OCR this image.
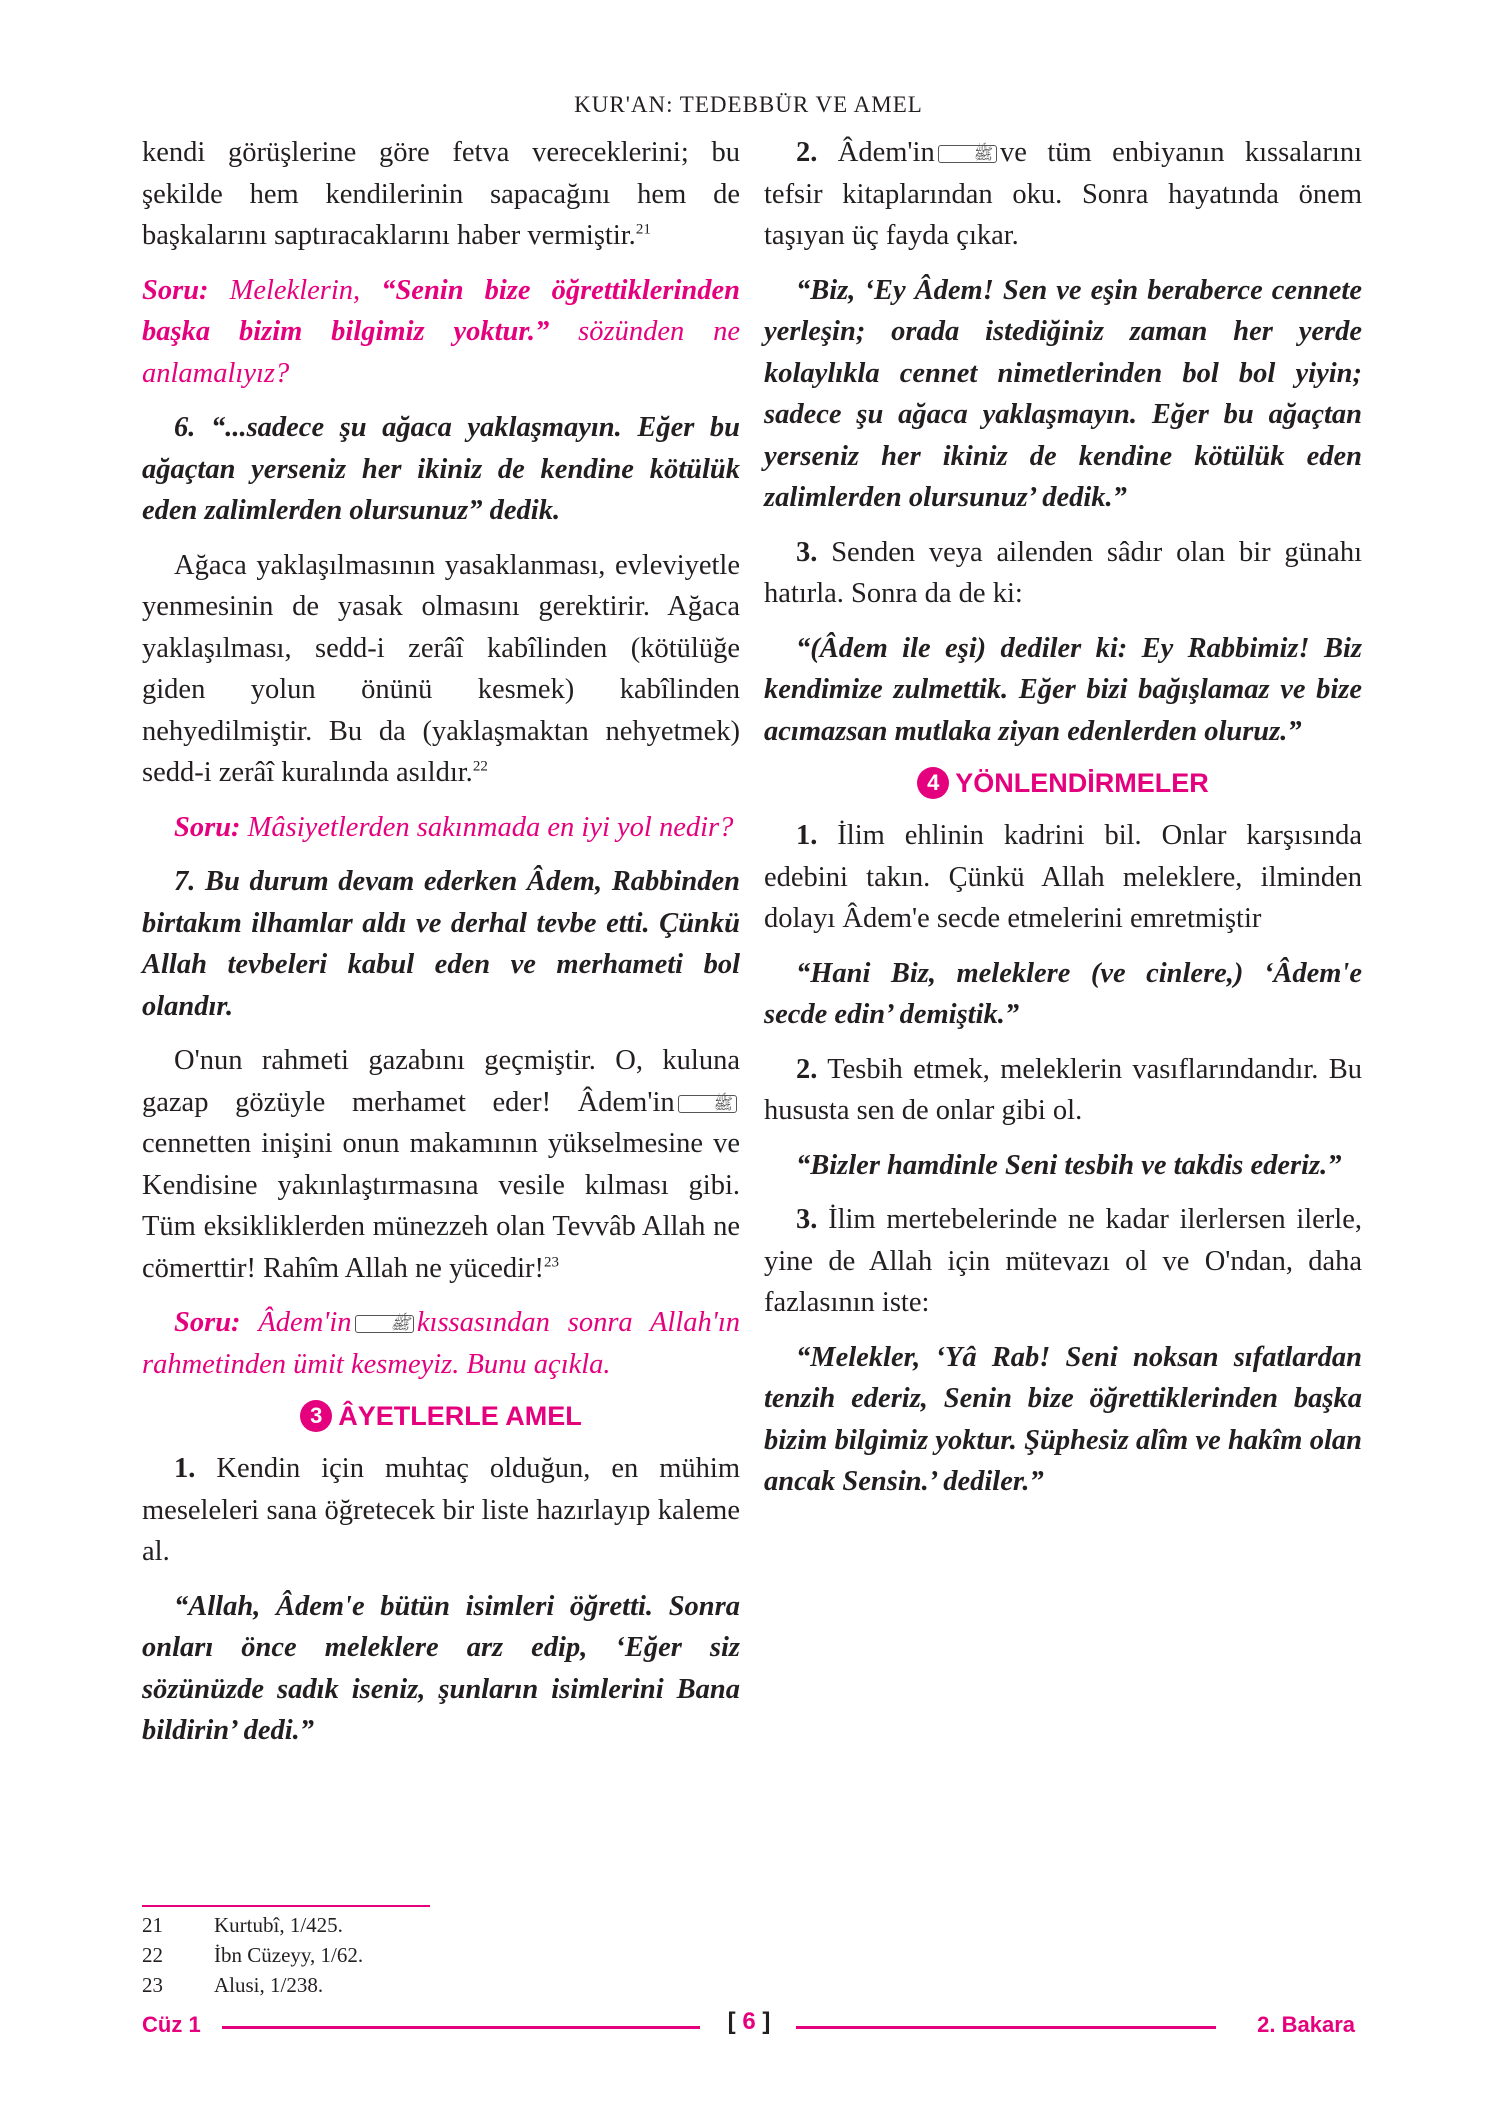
KUR'AN: TEDEBBÜR VE AMEL

kendi görüşlerine göre fetva vereceklerini; bu şekilde hem kendilerinin sapacağını hem de başkalarını saptıracaklarını haber vermiştir.$^{21}$

Soru: Meleklerin, “Senin bize öğrettiklerinden başka bizim bilgimiz yoktur.” sözünden ne anlamalıyız?

6. “...sadece şu ağaca yaklaşmayın. Eğer bu ağaçtan yerseniz her ikiniz de kendine kötülük eden zalimlerden olursunuz” dedik.

Ağaca yaklaşılmasının yasaklanması, evleviyetle yenmesinin de yasak olmasını gerektirir. Ağaca yaklaşılması, sedd-i zerâî kabîlinden (kötülüğe giden yolun önünü kesmek) kabîlinden nehyedilmiştir. Bu da (yaklaşmaktan nehyetmek) sedd-i zerâî kuralında asıldır.$^{22}$

Soru: Mâsiyetlerden sakınmada en iyi yol nedir?

7. Bu durum devam ederken Âdem, Rabbinden birtakım ilhamlar aldı ve derhal tevbe etti. Çünkü Allah tevbeleri kabul eden ve merhameti bol olandır.

O'nun rahmeti gazabını geçmiştir. O, kuluna gazap gözüyle merhamet eder! Âdem'in ﷺcennetten inişini onun makamının yükselmesine ve Kendisine yakınlaştırmasına vesile kılması gibi. Tüm eksikliklerden münezzeh olan Tevvâb Allah ne cömerttir! Rahîm Allah ne yücedir!$^{23}$

Soru: Âdem'in ﷺ kıssasından sonra Allah'ın rahmetinden ümit kesmeyiz. Bunu açıkla.

3 ÂYETLERLE AMEL

1. Kendin için muhtaç olduğun, en mühim meseleleri sana öğretecek bir liste hazırlayıp kaleme al.

“Allah, Âdem'e bütün isimleri öğretti. Sonra onları önce meleklere arz edip, ‘Eğer siz sözünüzde sadık iseniz, şunların isimlerini Bana bildirin’ dedi.”

2. Âdem'in ﷺ ve tüm enbiyanın kıssalarını tefsir kitaplarından oku. Sonra hayatında önem taşıyan üç fayda çıkar.

“Biz, ‘Ey Âdem! Sen ve eşin beraberce cennete yerleşin; orada istediğiniz zaman her yerde kolaylıkla cennet nimetlerinden bol bol yiyin; sadece şu ağaca yaklaşmayın. Eğer bu ağaçtan yerseniz her ikiniz de kendine kötülük eden zalimlerden olursunuz’ dedik.”

3. Senden veya ailenden sâdır olan bir günahı hatırla. Sonra da de ki:

“(Âdem ile eşi) dediler ki: Ey Rabbimiz! Biz kendimize zulmettik. Eğer bizi bağışlamaz ve bize acımazsan mutlaka ziyan edenlerden oluruz.”

4 YÖNLENDİRMELER

1. İlim ehlinin kadrini bil. Onlar karşısında edebini takın. Çünkü Allah meleklere, ilminden dolayı Âdem'e secde etmelerini emretmiştir

“Hani Biz, meleklere (ve cinlere,) ‘Âdem'e secde edin’ demiştik.”

2. Tesbih etmek, meleklerin vasıflarındandır. Bu hususta sen de onlar gibi ol.

“Bizler hamdinle Seni tesbih ve takdis ederiz.”

3. İlim mertebelerinde ne kadar ilerlersen ilerle, yine de Allah için mütevazı ol ve O'ndan, daha fazlasının iste:

“Melekler, ‘Yâ Rab! Seni noksan sıfatlardan tenzih ederiz, Senin bize öğrettiklerinden başka bizim bilgimiz yoktur. Şüphesiz alîm ve hakîm olan ancak Sensin.’ dediler.”

21 Kurtubî, 1/425.
22 İbn Cüzeyy, 1/62.
23 Alusi, 1/238.
Cüz 1	[ 6 ]	2. Bakara
